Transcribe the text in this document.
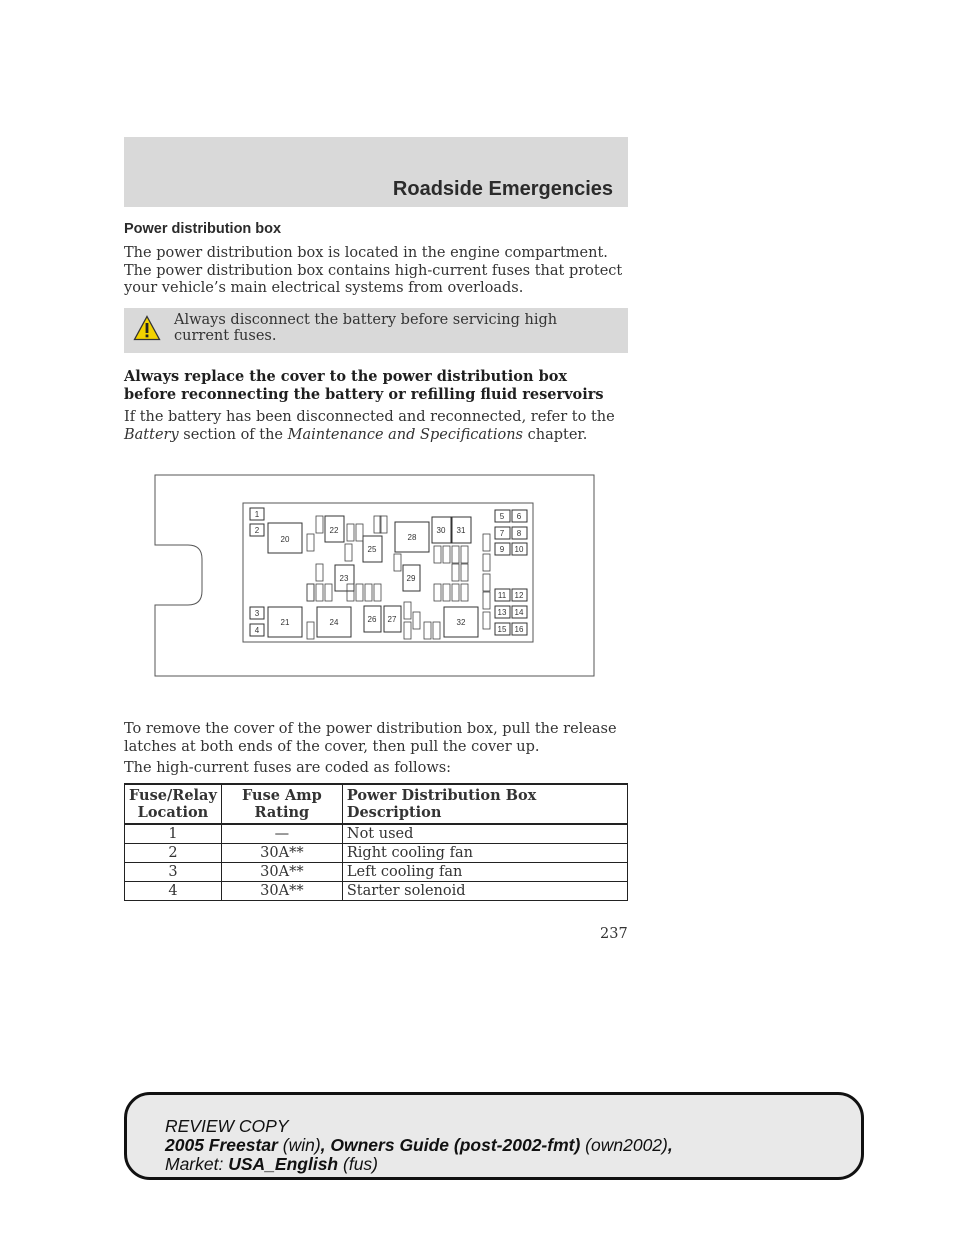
Roadside Emergencies
Power distribution box
The power distribution box is located in the engine compartment. The power distribution box contains high-current fuses that protect your vehicle’s main electrical systems from overloads.
Always disconnect the battery before servicing high current fuses.
Always replace the cover to the power distribution box before reconnecting the battery or refilling fluid reservoirs
If the battery has been disconnected and reconnected, refer to the
Battery section of the Maintenance and Specifications chapter.
1
2
3
4
20
21
22
23
24
25
26 27
28
29
30 31
32
5 6
7 8
9 10
11 12
13 14
15 16
To remove the cover of the power distribution box, pull the release latches at both ends of the cover, then pull the cover up.
The high-current fuses are coded as follows:
Fuse/Relay Location	Fuse Amp Rating	Power Distribution Box Description
1	—	Not used
2	30A**	Right cooling fan
3	30A**	Left cooling fan
4	30A**	Starter solenoid
237
REVIEW COPY
2005 Freestar (win), Owners Guide (post-2002-fmt) (own2002),
Market: USA_English (fus)
